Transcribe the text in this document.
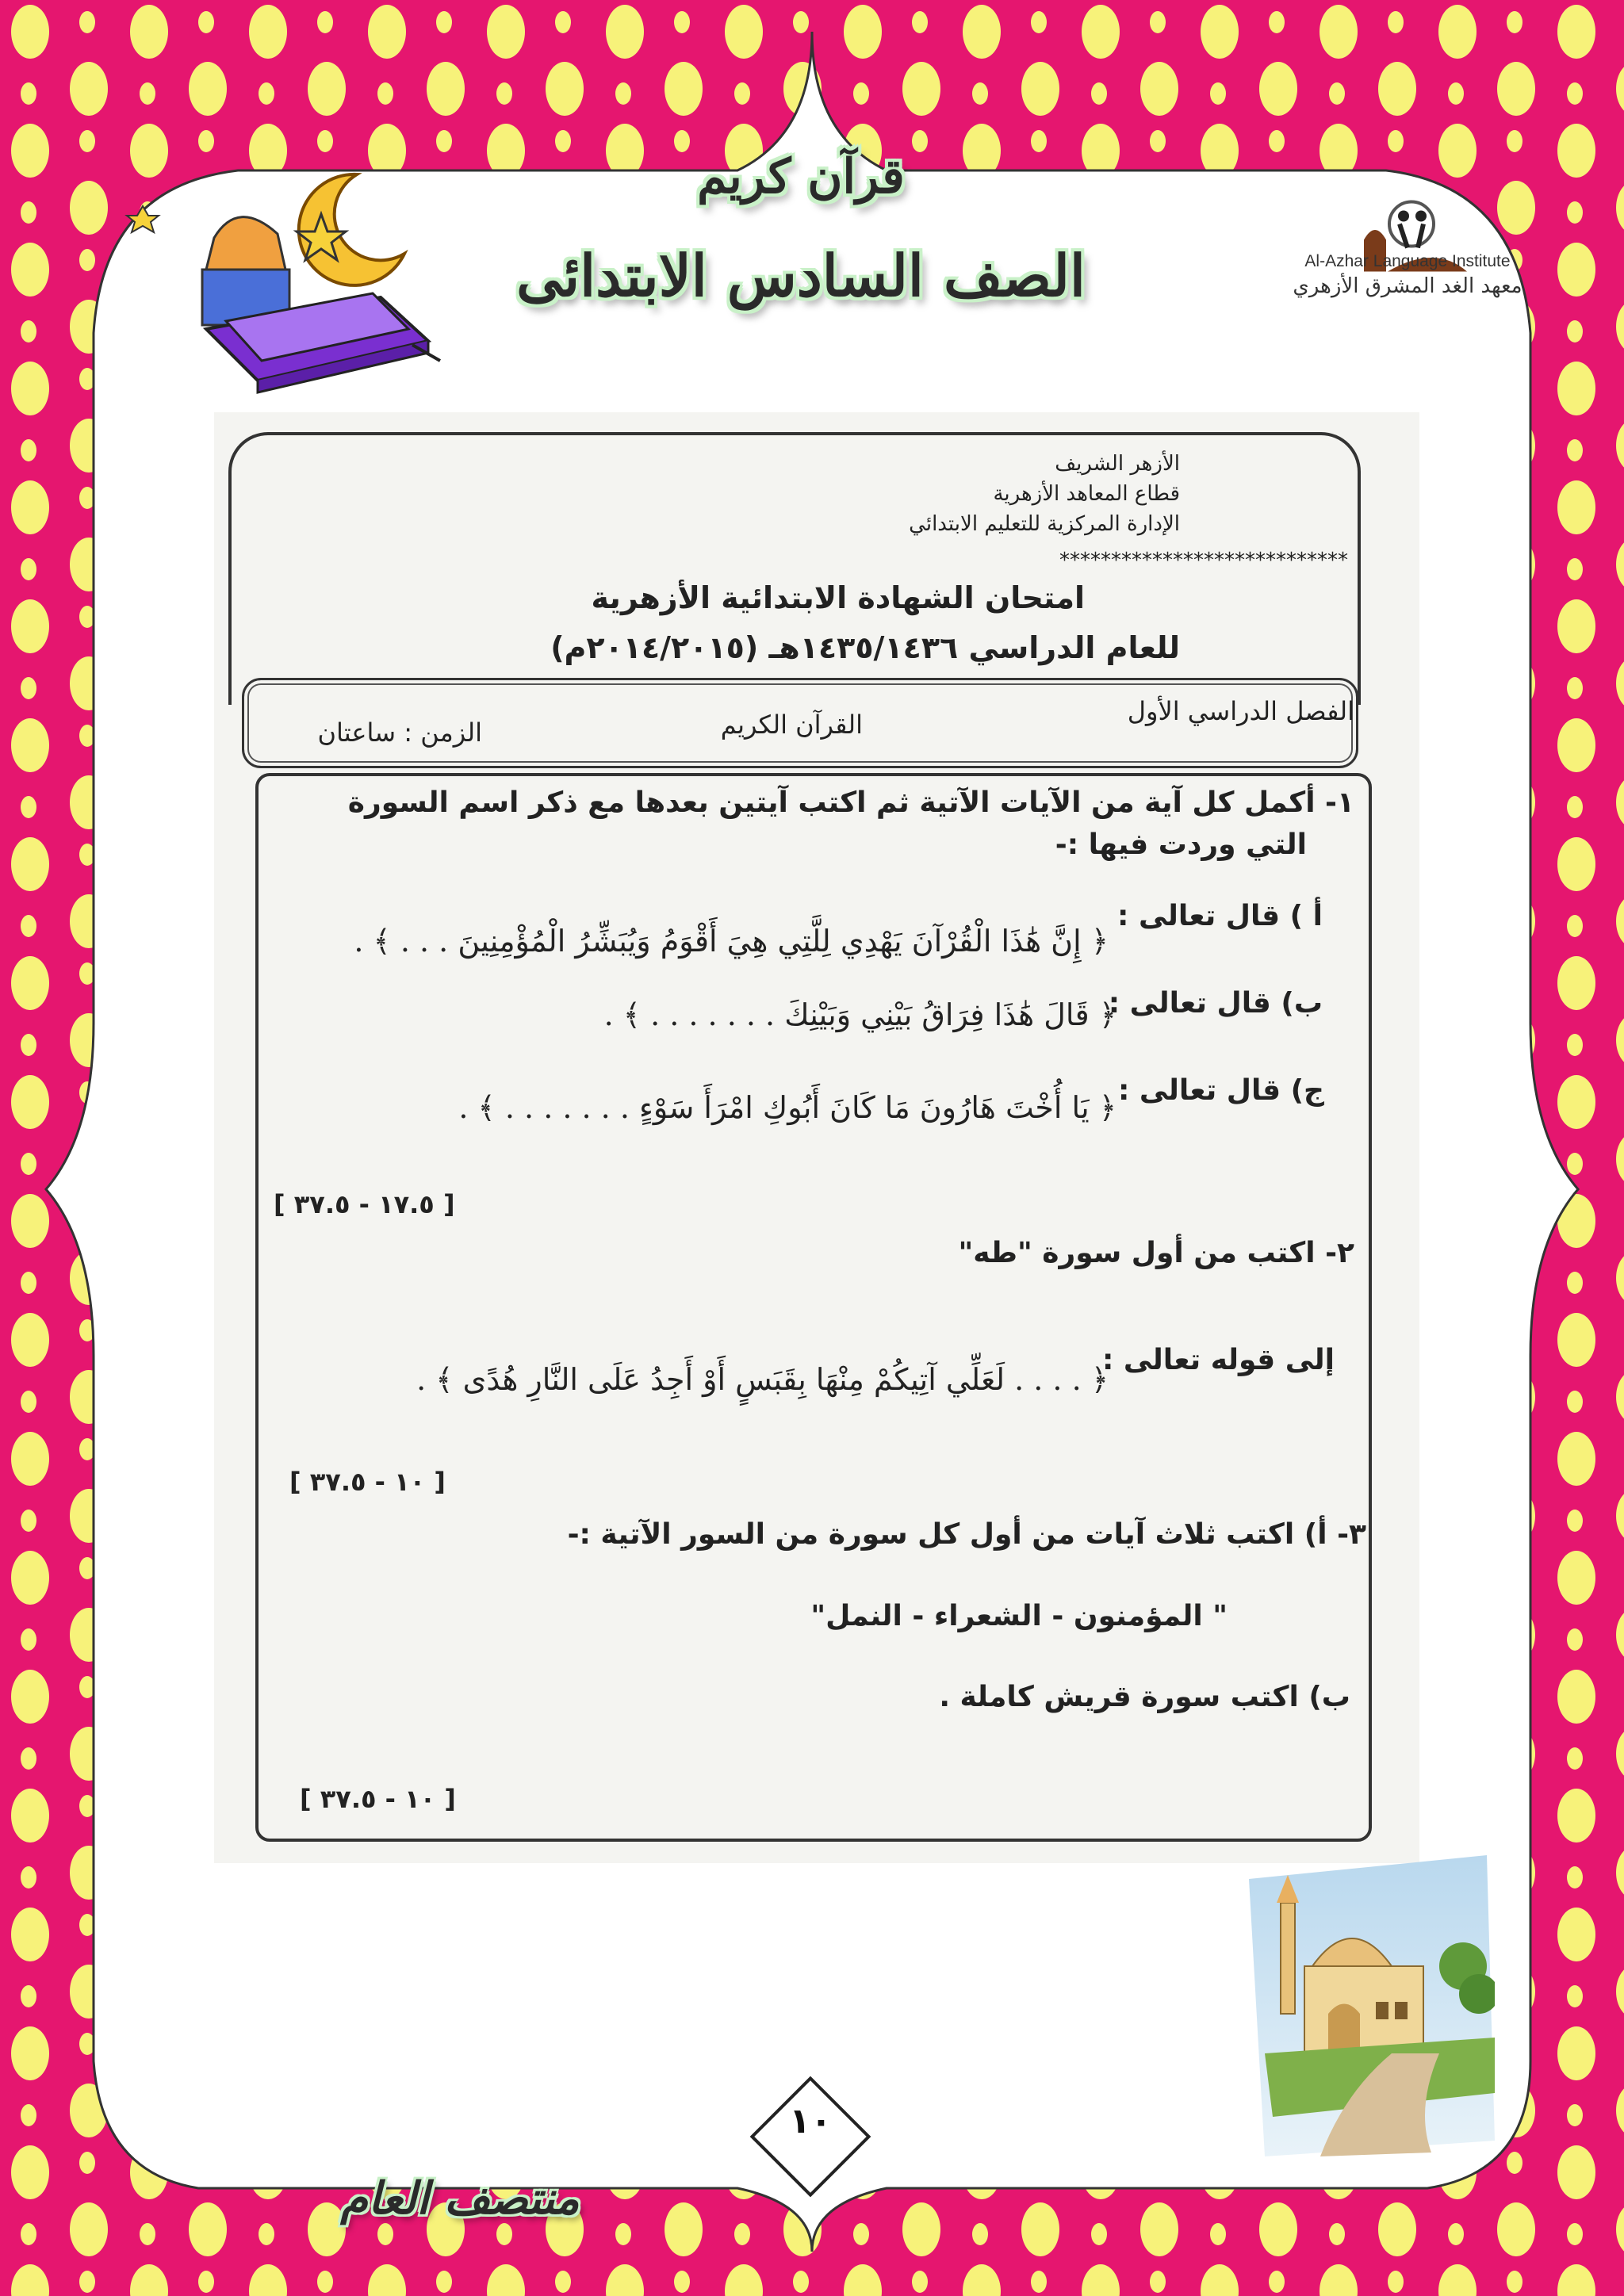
Al-Azhar Language Institute
معهد الغد المشرق الأزهري
قرآن كريم
الصف السادس الابتدائى
الأزهر الشريف
قطاع المعاهد الأزهرية
الإدارة المركزية للتعليم الابتدائي
****************************
امتحان الشهادة الابتدائية الأزهرية
للعام الدراسي ١٤٣٥/١٤٣٦هـ (٢٠١٤/٢٠١٥م)
الفصل الدراسي الأول
القرآن الكريم
الزمن : ساعتان
١- أكمل كل آية من الآيات الآتية ثم اكتب آيتين بعدها مع ذكر اسم السورة
التي وردت فيها :-
أ ) قال تعالى :
﴿ إِنَّ هَٰذَا الْقُرْآنَ يَهْدِي لِلَّتِي هِيَ أَقْوَمُ وَيُبَشِّرُ الْمُؤْمِنِينَ . . . ﴾ .
ب) قال تعالى :
﴿ قَالَ هَٰذَا فِرَاقُ بَيْنِي وَبَيْنِكَ . . . . . . . ﴾ .
ج) قال تعالى :
﴿ يَا أُخْتَ هَارُونَ مَا كَانَ أَبُوكِ امْرَأَ سَوْءٍ . . . . . . . ﴾ .
[ ١٧.٥ - ٣٧.٥ ]
٢- اكتب من أول سورة "طه"
إلى قوله تعالى :
﴿ . . . . لَعَلِّي آتِيكُمْ مِنْهَا بِقَبَسٍ أَوْ أَجِدُ عَلَى النَّارِ هُدًى ﴾ .
[ ١٠ - ٣٧.٥ ]
٣- أ) اكتب ثلاث آيات من أول كل سورة من السور الآتية :-
" المؤمنون - الشعراء - النمل"
ب) اكتب سورة قريش كاملة .
[ ١٠ - ٣٧.٥ ]
١٠
منتصف العام
